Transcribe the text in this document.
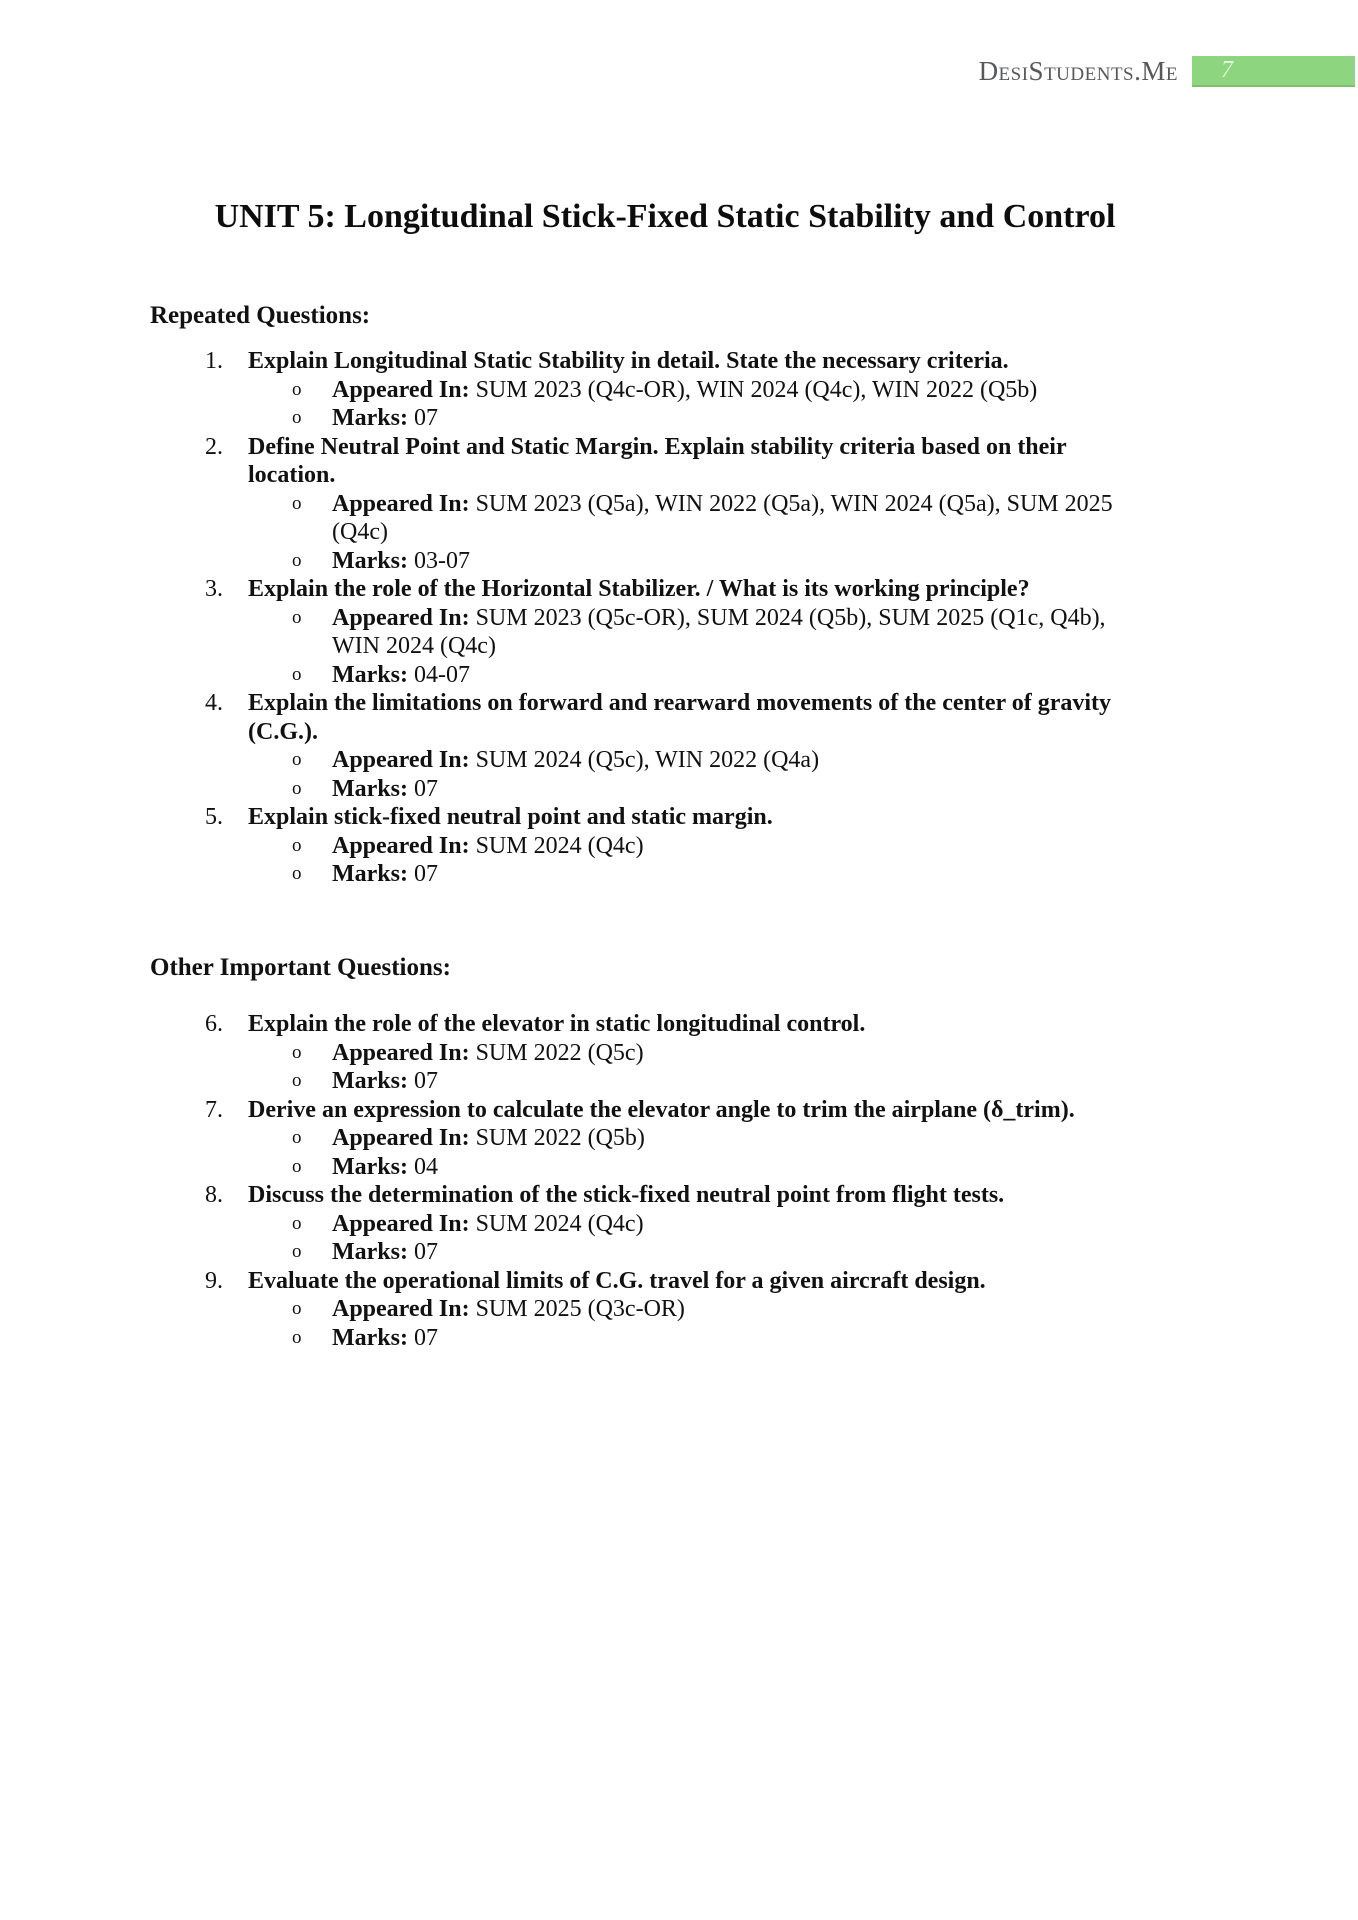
DesiStudents.Me	7
UNIT 5: Longitudinal Stick-Fixed Static Stability and Control
Repeated Questions:
1.	Explain Longitudinal Static Stability in detail. State the necessary criteria.
o	Appeared In: SUM 2023 (Q4c-OR), WIN 2024 (Q4c), WIN 2022 (Q5b)
o	Marks: 07
2.	Define Neutral Point and Static Margin. Explain stability criteria based on their location.
o	Appeared In: SUM 2023 (Q5a), WIN 2022 (Q5a), WIN 2024 (Q5a), SUM 2025 (Q4c)
o	Marks: 03-07
3.	Explain the role of the Horizontal Stabilizer. / What is its working principle?
o	Appeared In: SUM 2023 (Q5c-OR), SUM 2024 (Q5b), SUM 2025 (Q1c, Q4b), WIN 2024 (Q4c)
o	Marks: 04-07
4.	Explain the limitations on forward and rearward movements of the center of gravity (C.G.).
o	Appeared In: SUM 2024 (Q5c), WIN 2022 (Q4a)
o	Marks: 07
5.	Explain stick-fixed neutral point and static margin.
o	Appeared In: SUM 2024 (Q4c)
o	Marks: 07
Other Important Questions:
6.	Explain the role of the elevator in static longitudinal control.
o	Appeared In: SUM 2022 (Q5c)
o	Marks: 07
7.	Derive an expression to calculate the elevator angle to trim the airplane (δ_trim).
o	Appeared In: SUM 2022 (Q5b)
o	Marks: 04
8.	Discuss the determination of the stick-fixed neutral point from flight tests.
o	Appeared In: SUM 2024 (Q4c)
o	Marks: 07
9.	Evaluate the operational limits of C.G. travel for a given aircraft design.
o	Appeared In: SUM 2025 (Q3c-OR)
o	Marks: 07
